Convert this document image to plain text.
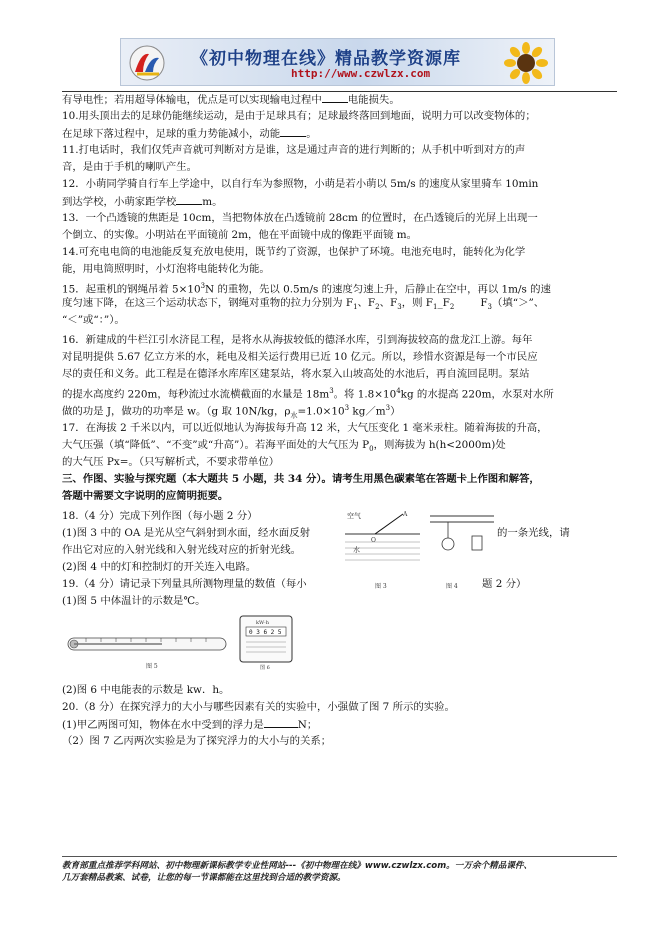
《初中物理在线》精品教学资源库
http://www.czwlzx.com
有导电性；若用超导体输电，优点是可以实现输电过程中	电能损失。
10.用头顶出去的足球仍能继续运动，是由于足球具有；足球最终落回到地面，说明力可以改变物体的；
在足球下落过程中，足球的重力势能减小，动能	。
11.打电话时，我们仅凭声音就可判断对方是谁，这是通过声音的进行判断的；从手机中听到对方的声
音，是由于手机的喇叭产生。
12．小萌同学骑自行车上学途中，以自行车为参照物，小萌是若小萌以 5m/s 的速度从家里骑车 10min
到达学校，小萌家距学校	m。
13．一个凸透镜的焦距是 10cm，当把物体放在凸透镜前 28cm 的位置时，在凸透镜后的光屏上出现一
个倒立、的实像。小明站在平面镜前 2m，他在平面镜中成的像距平面镜 m。
14.可充电电筒的电池能反复充放电使用，既节约了资源，也保护了环境。电池充电时，能转化为化学
能，用电筒照明时，小灯泡将电能转化为能。
15．起重机的钢绳吊着 $5\times 10^3N$ 的重物，先以 0.5m/s 的速度匀速上升，后静止在空中，再以 1m/s 的速
度匀速下降，在这三个运动状态下，钢绳对重物的拉力分别为 $F_1$、$F_2$、$F_3$，则 $F_1\_F_2$	$F_3$（填“＞”、
“＜”或“：”）。
16．新建成的牛栏江引水济昆工程，是将水从海拔较低的德泽水库，引到海拔较高的盘龙江上游。每年
对昆明提供 5.67 亿立方米的水，耗电及相关运行费用已近 10 亿元。所以，珍惜水资源是每一个市民应
尽的责任和义务。此工程是在德泽水库库区建泵站，将水泵入山坡高处的水池后，再自流回昆明。泵站
的提水高度约 220m，每秒流过水流横截面的水量是 $18m^3$。将 $1.8\times 10^4kg$ 的水提高 220m，水泵对水所
做的功是 J，做功的功率是 w。（g 取 10N/kg，$\rho_水=1.0\times 10^3$ $kg/m^3$）
17．在海拔 2 千米以内，可以近似地认为海拔每升高 12 米，大气压变化 1 毫米汞柱。随着海拔的升高，
大气压强（填“降低”、“不变”或“升高”）。若海平面处的大气压为 $P_0$，则海拔为 h(h<2000m)处
的大气压 Px=。（只写解析式，不要求带单位）
三、作图、实验与探究题（本大题共 5 小题，共 34 分）。请考生用黑色碳素笔在答题卡上作图和解答，
答题中需要文字说明的应简明扼要。
18.（4 分）完成下列作图（每小题 2 分）
(1)图 3 中的 OA 是光从空气斜射到水面，经水面反射	的一条光线，请
作出它对应的入射光线和入射光线对应的折射光线。
(2)图 4 中的灯和控制灯的开关连入电路。
19.（4 分）请记录下列量具所测物理量的数值（每小	题 2 分）
(1)图 5 中体温计的示数是℃。
空气
O
A
水
图 3	图 4
图 5
kW·h
0 3 6 2 5
图 6
(2)图 6 中电能表的示数是 kw．h。
20.（8 分）在探究浮力的大小与哪些因素有关的实验中，小强做了图 7 所示的实验。
(1)甲乙两图可知，物体在水中受到的浮力是	N；
（2）图 7 乙丙两次实验是为了探究浮力的大小与的关系；
教育部重点推荐学科网站、初中物理新课标教学专业性网站---《初中物理在线》www.czwlzx.com。一万余个精品课件、
几万套精品教案、试卷，让您的每一节课都能在这里找到合适的教学资源。
